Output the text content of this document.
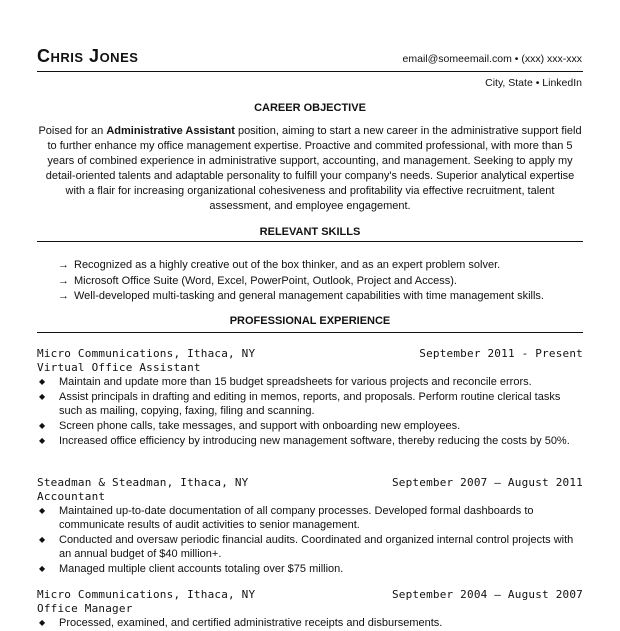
Chris Jones	email@someemail.com • (xxx) xxx-xxx
City, State • LinkedIn
CAREER OBJECTIVE
Poised for an Administrative Assistant position, aiming to start a new career in the administrative support field to further enhance my office management expertise. Proactive and commited professional, with more than 5 years of combined experience in administrative support, accounting, and management. Seeking to apply my detail-oriented talents and adaptable personality to fulfill your company's needs. Superior analytical expertise with a flair for increasing organizational cohesiveness and profitability via effective recruitment, talent assessment, and employee engagement.
RELEVANT SKILLS
→ Recognized as a highly creative out of the box thinker, and as an expert problem solver.
→ Microsoft Office Suite (Word, Excel, PowerPoint, Outlook, Project and Access).
→ Well-developed multi-tasking and general management capabilities with time management skills.
PROFESSIONAL EXPERIENCE
Micro Communications, Ithaca, NY	September 2011 - Present
Virtual Office Assistant
◆ Maintain and update more than 15 budget spreadsheets for various projects and reconcile errors.
◆ Assist principals in drafting and editing in memos, reports, and proposals. Perform routine clerical tasks such as mailing, copying, faxing, filing and scanning.
◆ Screen phone calls, take messages, and support with onboarding new employees.
◆ Increased office efficiency by introducing new management software, thereby reducing the costs by 50%.
Steadman & Steadman, Ithaca, NY	September 2007 – August 2011
Accountant
◆ Maintained up-to-date documentation of all company processes. Developed formal dashboards to communicate results of audit activities to senior management.
◆ Conducted and oversaw periodic financial audits. Coordinated and organized internal control projects with an annual budget of $40 million+.
◆ Managed multiple client accounts totaling over $75 million.
Micro Communications, Ithaca, NY	September 2004 – August 2007
Office Manager
◆ Processed, examined, and certified administrative receipts and disbursements.
